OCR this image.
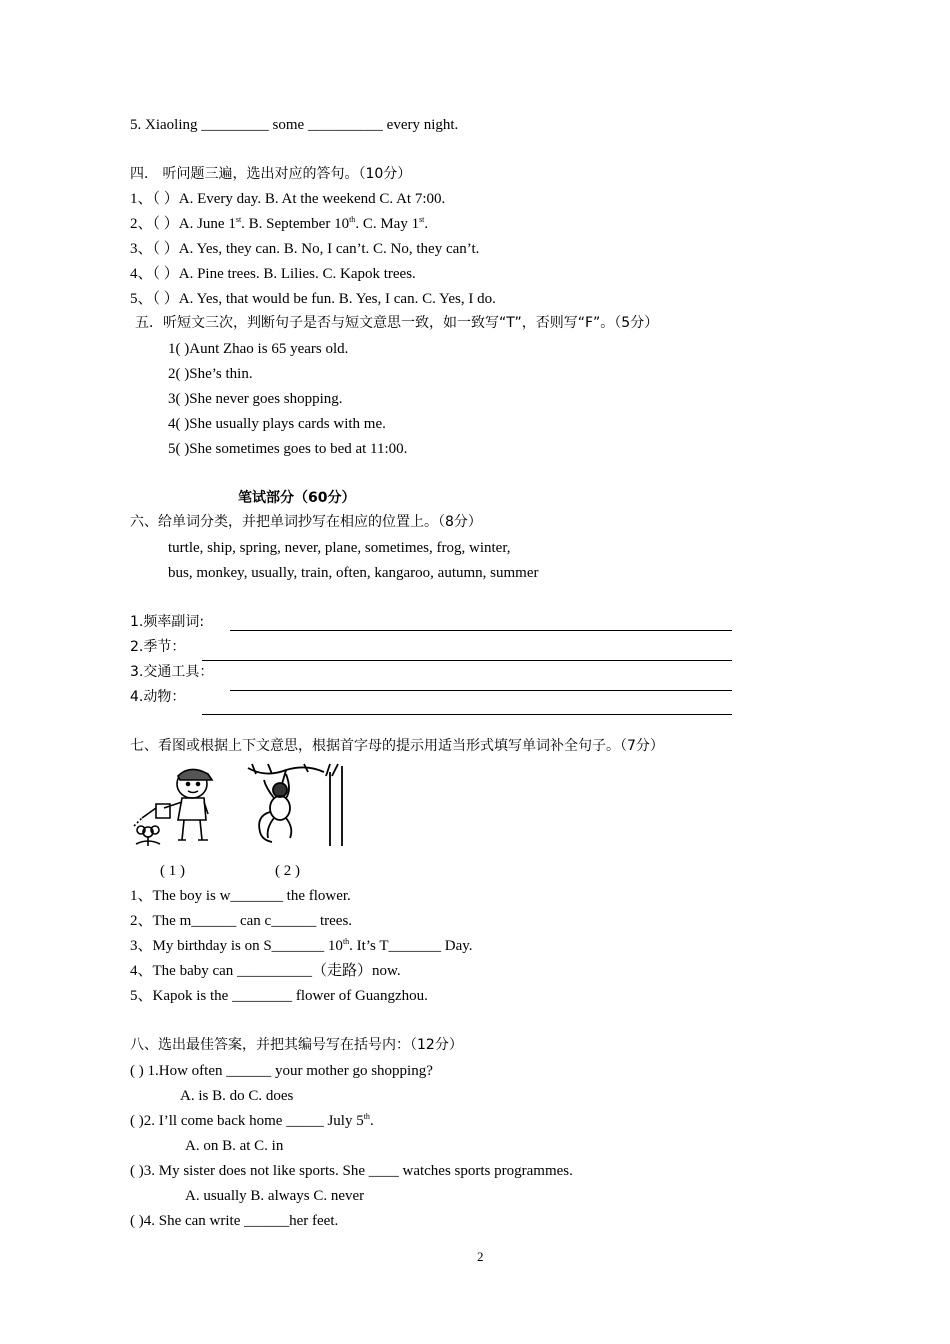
5. Xiaoling _________ some __________ every night.
四． 听问题三遍，选出对应的答句。（10分）
1、（ ）A. Every day. B. At the weekend C. At 7:00.
2、（ ）A. June 1st. B. September 10th. C. May 1st.
3、（ ）A. Yes, they can. B. No, I can’t. C. No, they can’t.
4、（ ）A. Pine trees. B. Lilies. C. Kapok trees.
5、（ ）A. Yes, that would be fun. B. Yes, I can. C. Yes, I do.
五．听短文三次，判断句子是否与短文意思一致，如一致写“T”，否则写“F”。（5分）
1( )Aunt Zhao is 65 years old.
2( )She’s thin.
3( )She never goes shopping.
4( )She usually plays cards with me.
5( )She sometimes goes to bed at 11:00.
笔试部分（60分）
六、给单词分类，并把单词抄写在相应的位置上。（8分）
turtle, ship, spring, never, plane, sometimes, frog, winter,
bus, monkey, usually, train, often, kangaroo, autumn, summer
1.频率副词:
2.季节：
3.交通工具：
4.动物：
七、看图或根据上下文意思，根据首字母的提示用适当形式填写单词补全句子。（7分）
( 1 )	( 2 )
1、The boy is w_______ the flower.
2、The m______ can c______ trees.
3、My birthday is on S_______ 10th. It’s T_______ Day.
4、The baby can __________（走路）now.
5、Kapok is the ________ flower of Guangzhou.
八、选出最佳答案，并把其编号写在括号内：（12分）
( ) 1.How often ______ your mother go shopping?
A. is B. do C. does
( )2. I’ll come back home _____ July 5th.
A. on B. at C. in
( )3. My sister does not like sports. She ____ watches sports programmes.
A. usually B. always C. never
( )4. She can write ______her feet.
2
